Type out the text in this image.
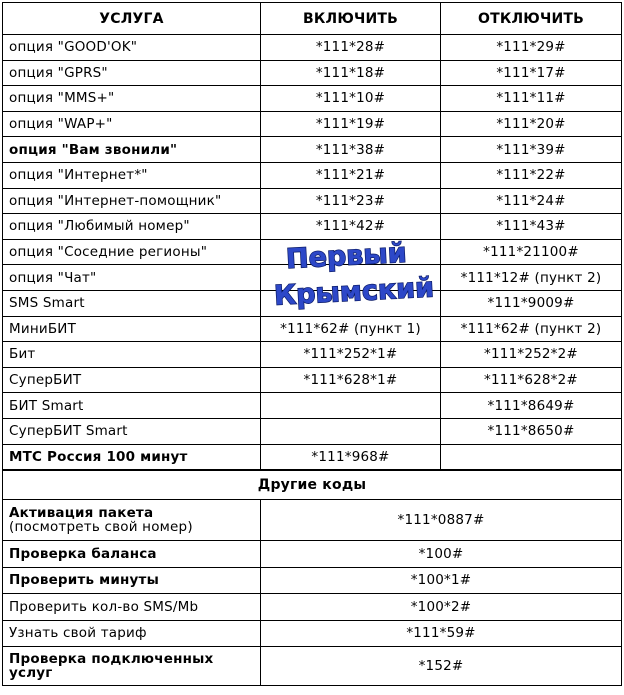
УСЛУГА	ВКЛЮЧИТЬ	ОТКЛЮЧИТЬ
опция "GOOD'OK"	*111*28#	*111*29#
опция "GPRS"	*111*18#	*111*17#
опция "MMS+"	*111*10#	*111*11#
опция "WAP+"	*111*19#	*111*20#
опция "Вам звонили"	*111*38#	*111*39#
опция "Интернет*"	*111*21#	*111*22#
опция "Интернет-помощник"	*111*23#	*111*24#
опция "Любимый номер"	*111*42#	*111*43#
опция "Соседние регионы"		*111*21100#
опция "Чат"		*111*12# (пункт 2)
SMS Smart		*111*9009#
МиниБИТ	*111*62# (пункт 1)	*111*62# (пункт 2)
Бит	*111*252*1#	*111*252*2#
СуперБИТ	*111*628*1#	*111*628*2#
БИТ Smart		*111*8649#
СуперБИТ Smart		*111*8650#
МТС Россия 100 минут	*111*968#	
Другие коды	
Активация пакета
(посмотреть свой номер)	*111*0887#
Проверка баланса	*100#
Проверить минуты	*100*1#
Проверить кол-во SMS/Mb	*100*2#
Узнать свой тариф	*111*59#
Проверка подключенных
услуг	*152#
Первый
Крымский
